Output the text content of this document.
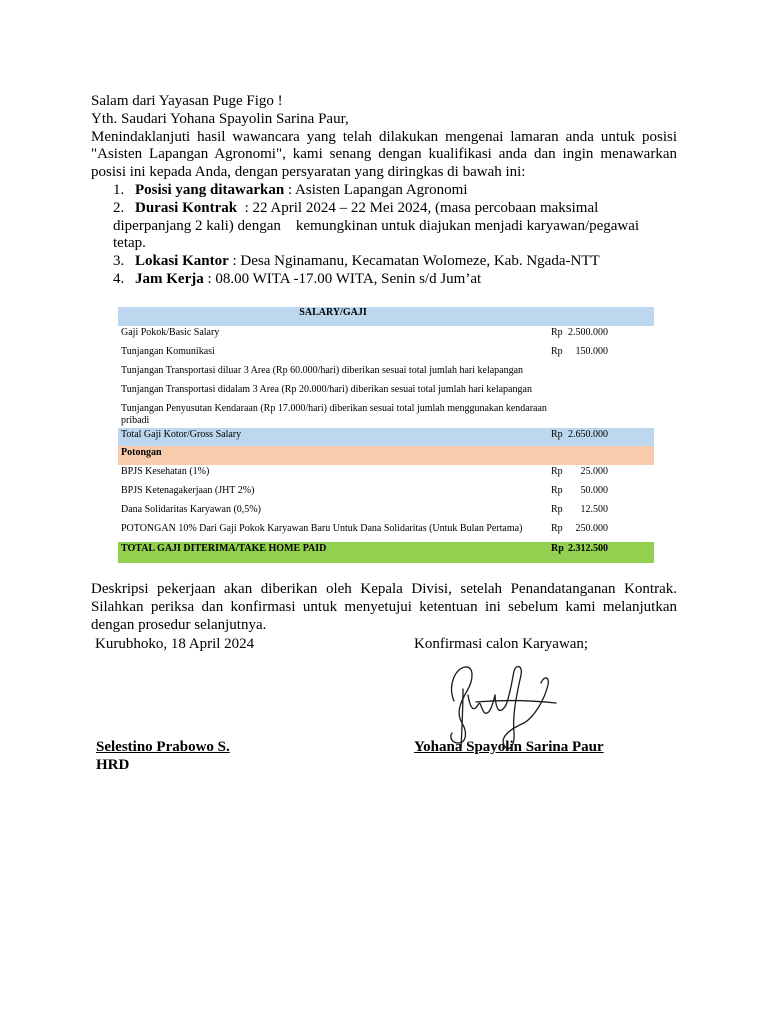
Salam dari Yayasan Puge Figo !
Yth. Saudari Yohana Spayolin Sarina Paur,
Menindaklanjuti hasil wawancara yang telah dilakukan mengenai lamaran anda untuk posisi
"Asisten Lapangan Agronomi", kami senang dengan kualifikasi anda dan ingin menawarkan
posisi ini kepada Anda, dengan persyaratan yang diringkas di bawah ini:
1. Posisi yang ditawarkan : Asisten Lapangan Agronomi
2. Durasi Kontrak  : 22 April 2024 – 22 Mei 2024, (masa percobaan maksimal
diperpanjang 2 kali) dengan    kemungkinan untuk diajukan menjadi karyawan/pegawai
tetap.
3. Lokasi Kantor : Desa Nginamanu, Kecamatan Wolomeze, Kab. Ngada-NTT
4. Jam Kerja : 08.00 WITA -17.00 WITA, Senin s/d Jum’at
SALARY/GAJI
Gaji Pokok/Basic Salary	Rp 2.500.000
Tunjangan Komunikasi	Rp 150.000
Tunjangan Transportasi diluar 3 Area (Rp 60.000/hari) diberikan sesuai total jumlah hari kelapangan
Tunjangan Transportasi didalam 3 Area (Rp 20.000/hari) diberikan sesuai total jumlah hari kelapangan
Tunjangan Penyusutan Kendaraan (Rp 17.000/hari) diberikan sesuai total jumlah menggunakan kendaraan
pribadi
Total Gaji Kotor/Gross Salary	Rp 2.650.000
Potongan
BPJS Kesehatan (1%)	Rp 25.000
BPJS Ketenagakerjaan (JHT 2%)	Rp 50.000
Dana Solidaritas Karyawan (0,5%)	Rp 12.500
POTONGAN 10% Dari Gaji Pokok Karyawan Baru Untuk Dana Solidaritas (Untuk Bulan Pertama)	Rp 250.000
TOTAL GAJI DITERIMA/TAKE HOME PAID	Rp 2.312.500
Deskripsi pekerjaan akan diberikan oleh Kepala Divisi, setelah Penandatanganan Kontrak.
Silahkan periksa dan konfirmasi untuk menyetujui ketentuan ini sebelum kami melanjutkan
dengan prosedur selanjutnya.
Kurubhoko, 18 April 2024	Konfirmasi calon Karyawan;
Selestino Prabowo S.
HRD
Yohana Spayolin Sarina Paur
